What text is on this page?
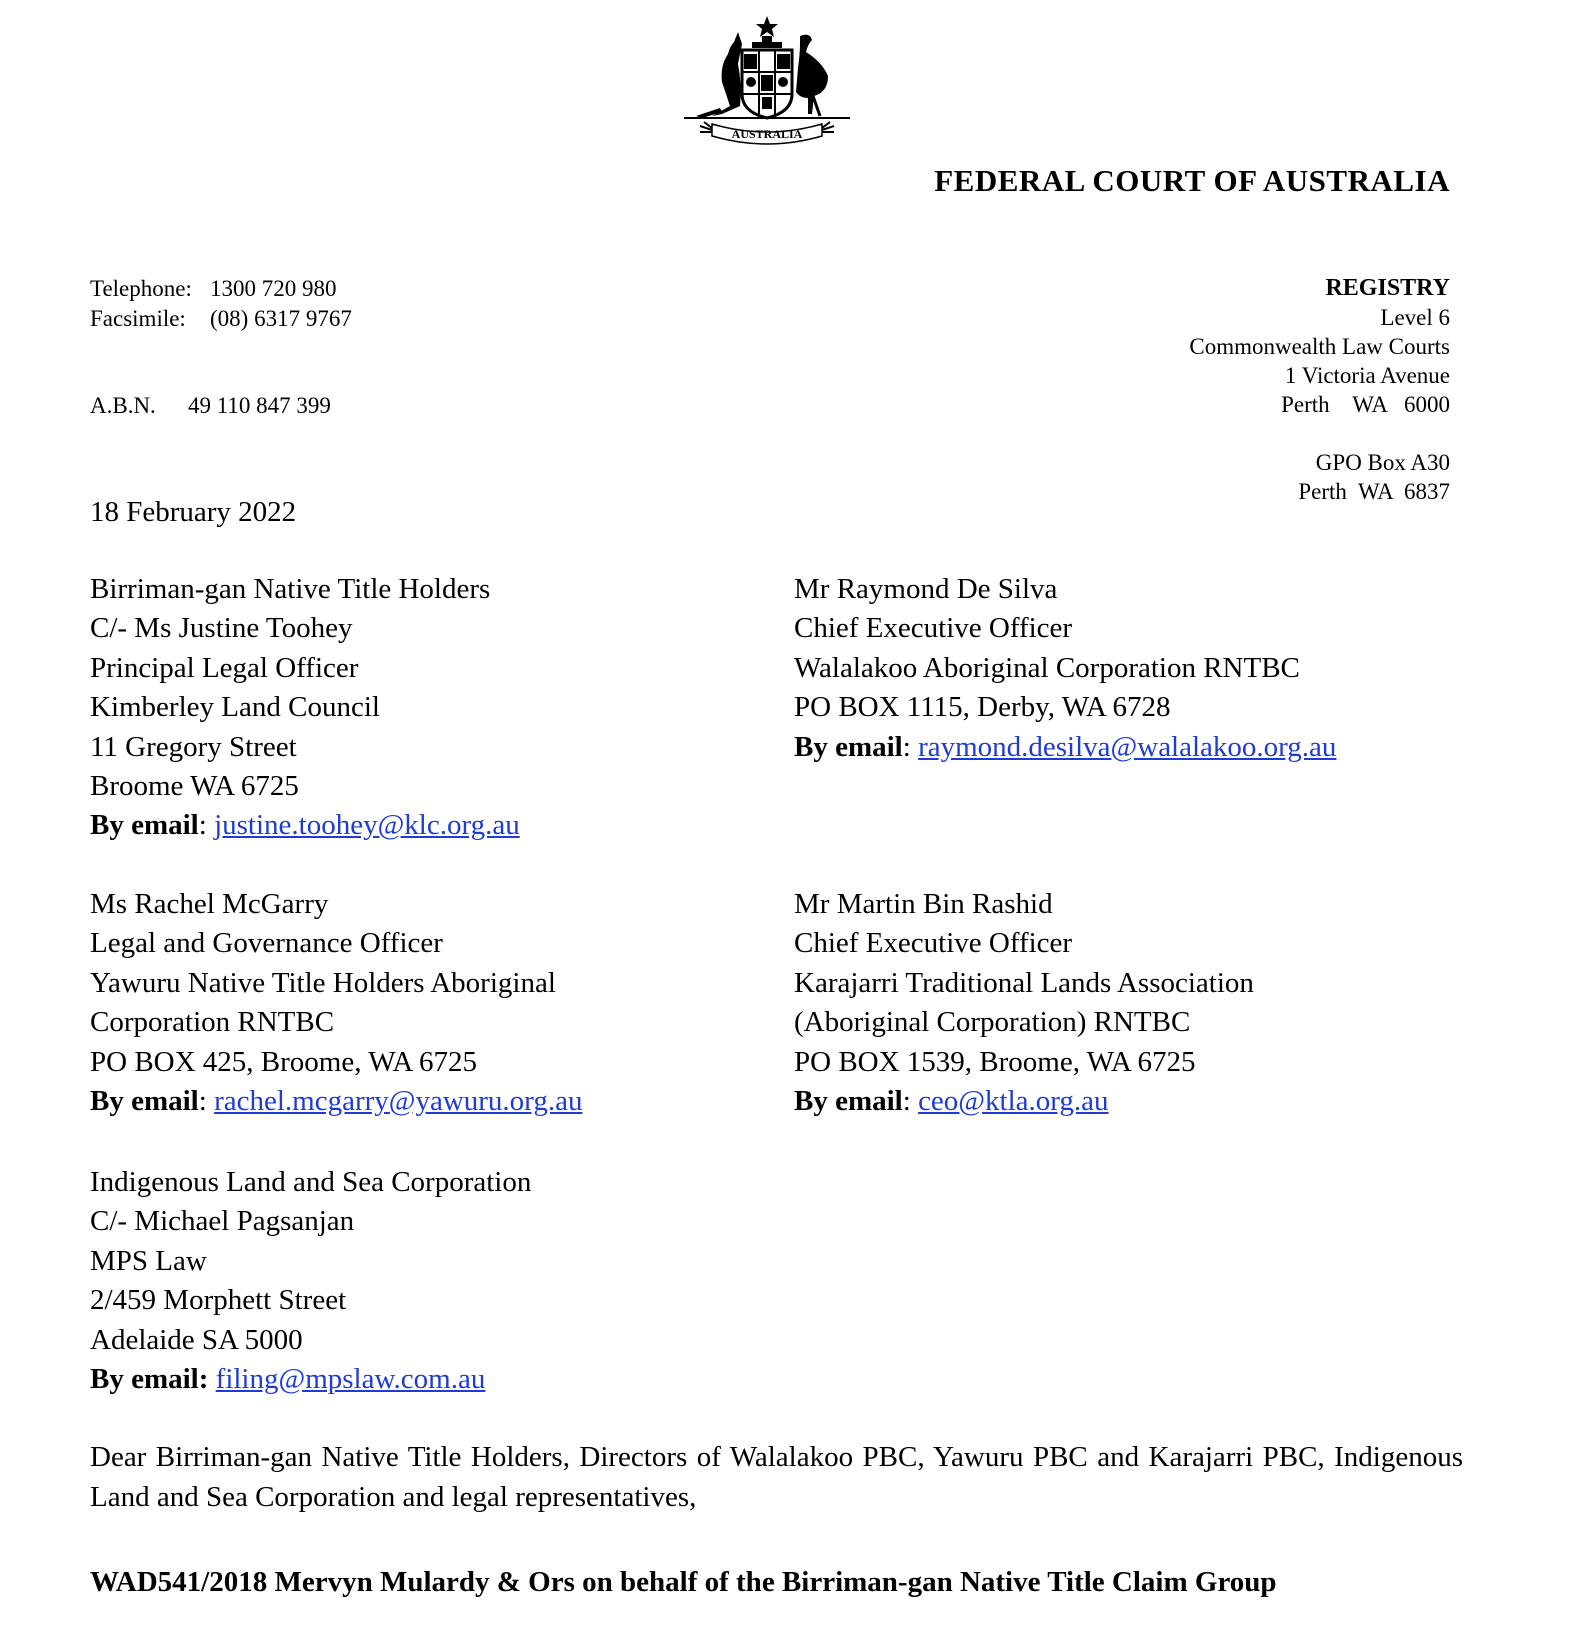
AUSTRALIA
FEDERAL COURT OF AUSTRALIA
Telephone: 1300 720 980
Facsimile: (08) 6317 9767
A.B.N. 49 110 847 399
REGISTRY
Level 6
Commonwealth Law Courts
1 Victoria Avenue
Perth    WA   6000
GPO Box A30
Perth  WA  6837
18 February 2022
Birriman-gan Native Title Holders
C/- Ms Justine Toohey
Principal Legal Officer
Kimberley Land Council
11 Gregory Street
Broome WA 6725
By email: justine.toohey@klc.org.au
Mr Raymond De Silva
Chief Executive Officer
Walalakoo Aboriginal Corporation RNTBC
PO BOX 1115, Derby, WA 6728
By email: raymond.desilva@walalakoo.org.au
Ms Rachel McGarry
Legal and Governance Officer
Yawuru Native Title Holders Aboriginal
Corporation RNTBC
PO BOX 425, Broome, WA 6725
By email: rachel.mcgarry@yawuru.org.au
Mr Martin Bin Rashid
Chief Executive Officer
Karajarri Traditional Lands Association
(Aboriginal Corporation) RNTBC
PO BOX 1539, Broome, WA 6725
By email: ceo@ktla.org.au
Indigenous Land and Sea Corporation
C/- Michael Pagsanjan
MPS Law
2/459 Morphett Street
Adelaide SA 5000
By email: filing@mpslaw.com.au
Dear Birriman-gan Native Title Holders, Directors of Walalakoo PBC, Yawuru PBC and Karajarri PBC, Indigenous Land and Sea Corporation and legal representatives,
WAD541/2018 Mervyn Mulardy & Ors on behalf of the Birriman-gan Native Title Claim Group
